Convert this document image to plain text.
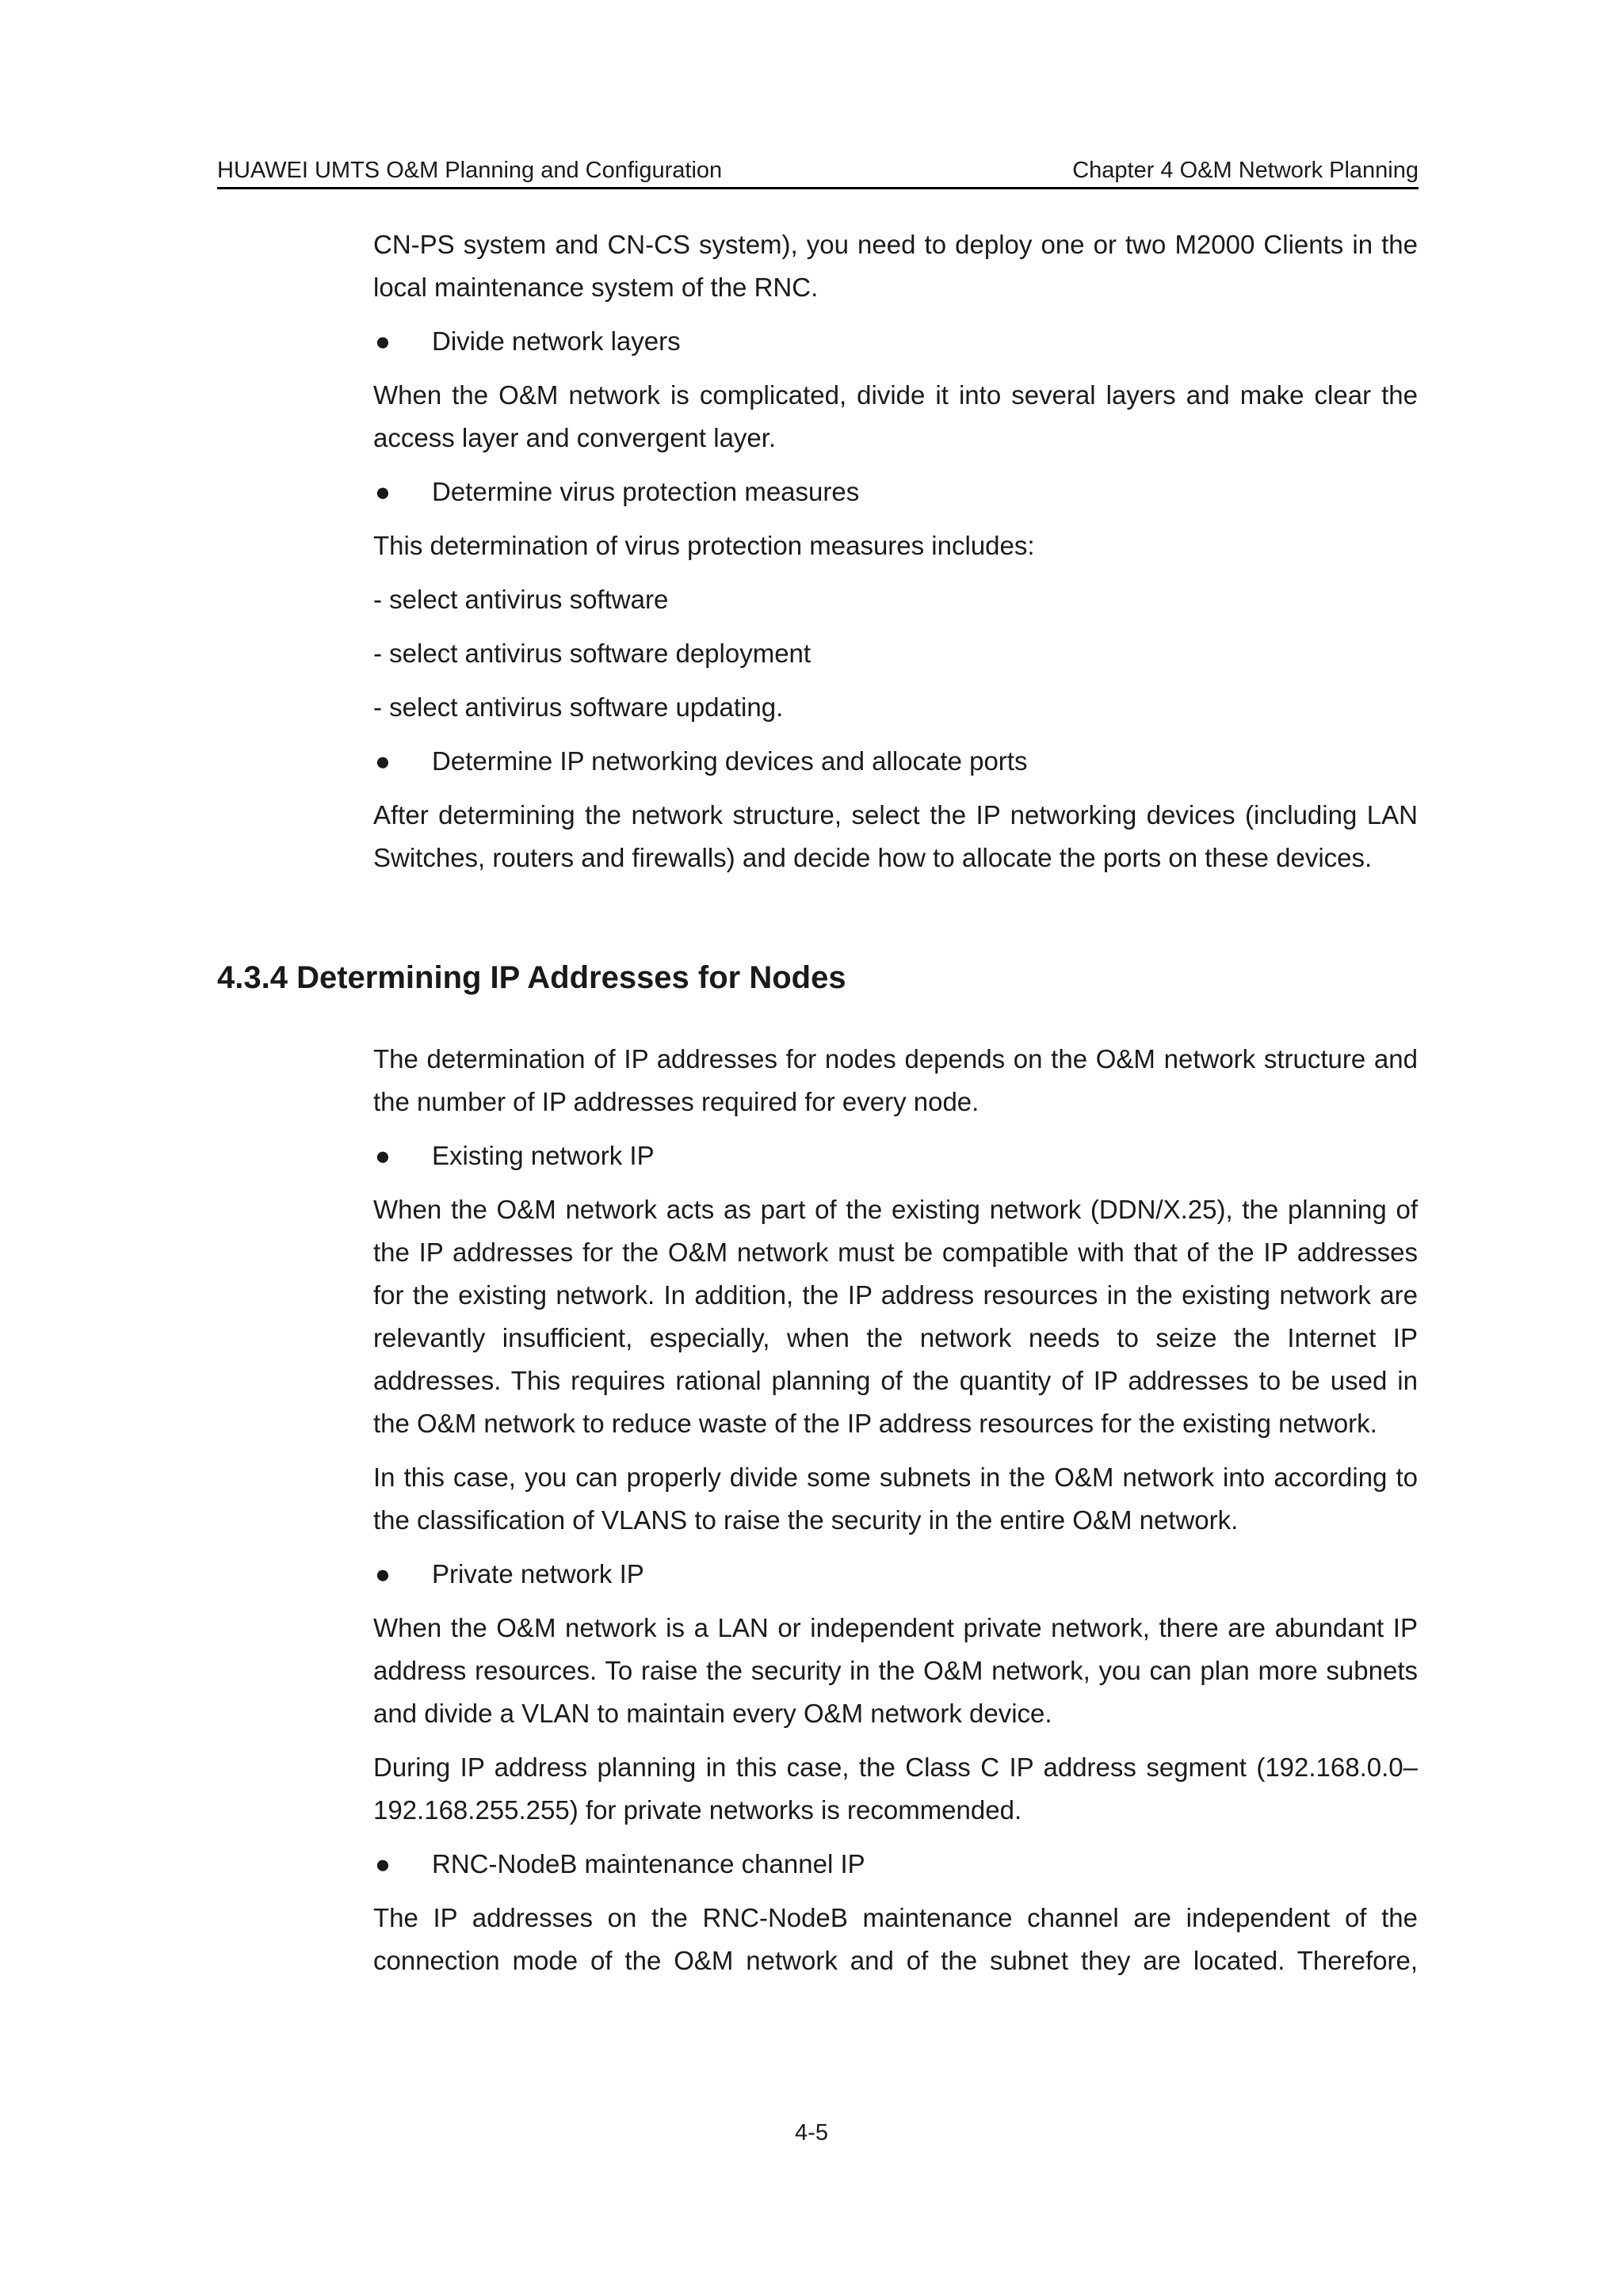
HUAWEI UMTS O&M Planning and Configuration	Chapter 4 O&M Network Planning

CN-PS system and CN-CS system), you need to deploy one or two M2000 Clients in the local maintenance system of the RNC.

● Divide network layers

When the O&M network is complicated, divide it into several layers and make clear the access layer and convergent layer.

● Determine virus protection measures

This determination of virus protection measures includes:

- select antivirus software
- select antivirus software deployment
- select antivirus software updating.
● Determine IP networking devices and allocate ports

After determining the network structure, select the IP networking devices (including LAN Switches, routers and firewalls) and decide how to allocate the ports on these devices.

4.3.4 Determining IP Addresses for Nodes

The determination of IP addresses for nodes depends on the O&M network structure and the number of IP addresses required for every node.

● Existing network IP

When the O&M network acts as part of the existing network (DDN/X.25), the planning of the IP addresses for the O&M network must be compatible with that of the IP addresses for the existing network. In addition, the IP address resources in the existing network are relevantly insufficient, especially, when the network needs to seize the Internet IP addresses. This requires rational planning of the quantity of IP addresses to be used in the O&M network to reduce waste of the IP address resources for the existing network.

In this case, you can properly divide some subnets in the O&M network into according to the classification of VLANS to raise the security in the entire O&M network.

● Private network IP

When the O&M network is a LAN or independent private network, there are abundant IP address resources. To raise the security in the O&M network, you can plan more subnets and divide a VLAN to maintain every O&M network device.

During IP address planning in this case, the Class C IP address segment (192.168.0.0–192.168.255.255) for private networks is recommended.

● RNC-NodeB maintenance channel IP

The IP addresses on the RNC-NodeB maintenance channel are independent of the connection mode of the O&M network and of the subnet they are located. Therefore,

4-5
